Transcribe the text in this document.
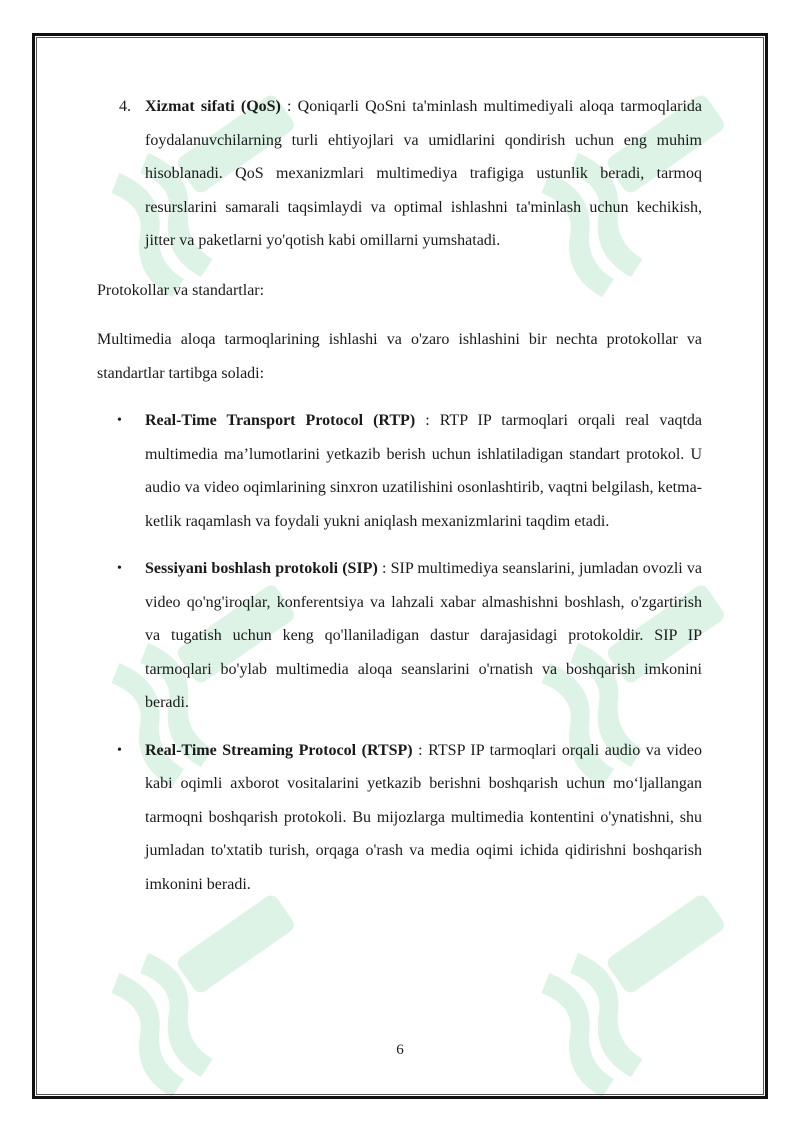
4. Xizmat sifati (QoS) : Qoniqarli QoSni ta'minlash multimediyali aloqa tarmoqlarida foydalanuvchilarning turli ehtiyojlari va umidlarini qondirish uchun eng muhim hisoblanadi. QoS mexanizmlari multimediya trafigiga ustunlik beradi, tarmoq resurslarini samarali taqsimlaydi va optimal ishlashni ta'minlash uchun kechikish, jitter va paketlarni yo'qotish kabi omillarni yumshatadi.

Protokollar va standartlar:

Multimedia aloqa tarmoqlarining ishlashi va o'zaro ishlashini bir nechta protokollar va standartlar tartibga soladi:

• Real-Time Transport Protocol (RTP) : RTP IP tarmoqlari orqali real vaqtda multimedia ma’lumotlarini yetkazib berish uchun ishlatiladigan standart protokol. U audio va video oqimlarining sinxron uzatilishini osonlashtirib, vaqtni belgilash, ketma-ketlik raqamlash va foydali yukni aniqlash mexanizmlarini taqdim etadi.
• Sessiyani boshlash protokoli (SIP) : SIP multimediya seanslarini, jumladan ovozli va video qo'ng'iroqlar, konferentsiya va lahzali xabar almashishni boshlash, o'zgartirish va tugatish uchun keng qo'llaniladigan dastur darajasidagi protokoldir. SIP IP tarmoqlari bo'ylab multimedia aloqa seanslarini o'rnatish va boshqarish imkonini beradi.
• Real-Time Streaming Protocol (RTSP) : RTSP IP tarmoqlari orqali audio va video kabi oqimli axborot vositalarini yetkazib berishni boshqarish uchun mo‘ljallangan tarmoqni boshqarish protokoli. Bu mijozlarga multimedia kontentini o'ynatishni, shu jumladan to'xtatib turish, orqaga o'rash va media oqimi ichida qidirishni boshqarish imkonini beradi.
6
